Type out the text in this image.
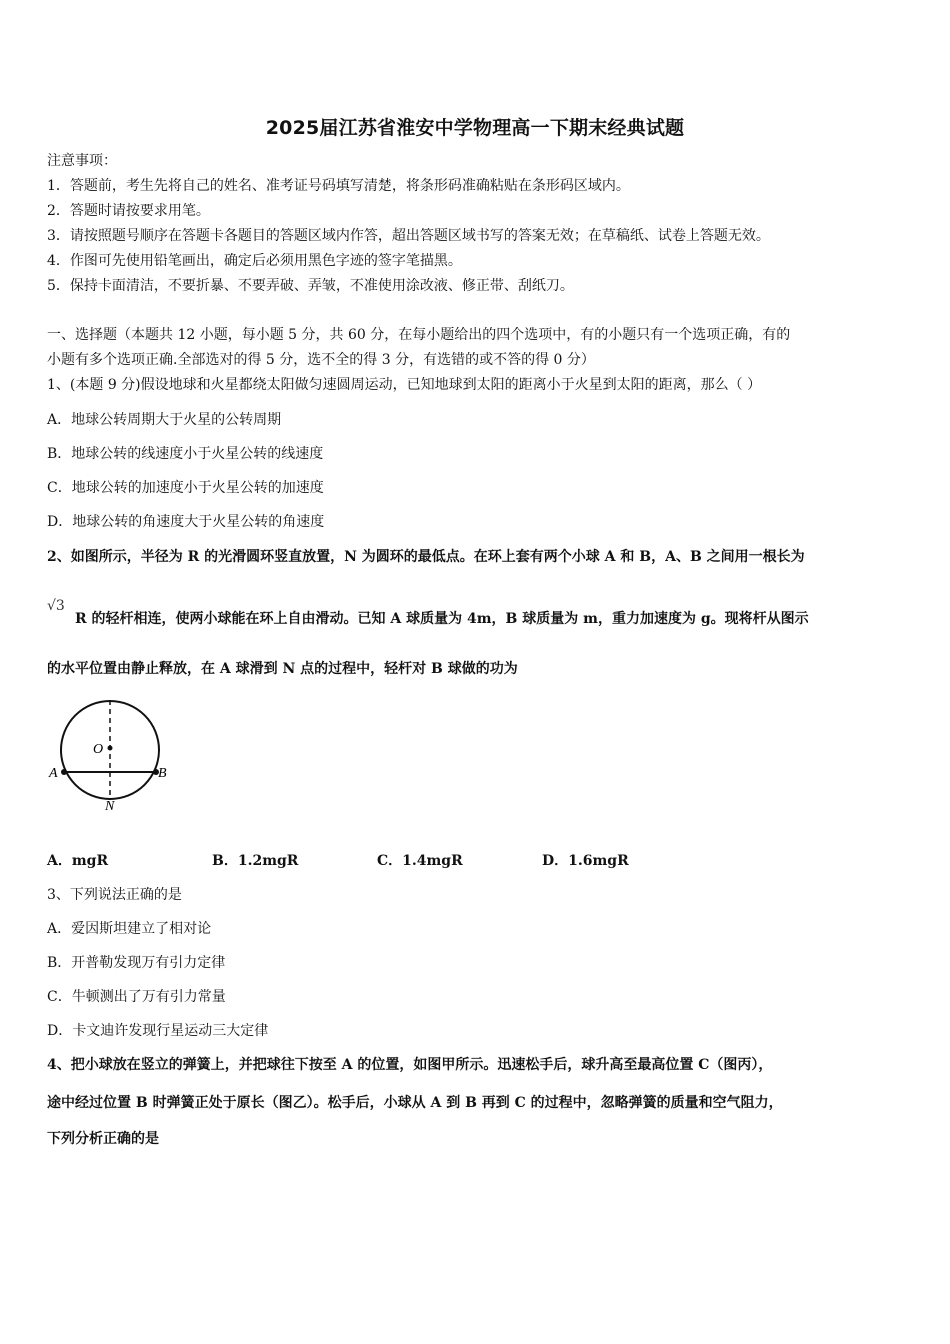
2025届江苏省淮安中学物理高一下期末经典试题
注意事项：
1．答题前，考生先将自己的姓名、准考证号码填写清楚，将条形码准确粘贴在条形码区域内。
2．答题时请按要求用笔。
3．请按照题号顺序在答题卡各题目的答题区域内作答，超出答题区域书写的答案无效；在草稿纸、试卷上答题无效。
4．作图可先使用铅笔画出，确定后必须用黑色字迹的签字笔描黑。
5．保持卡面清洁，不要折暴、不要弄破、弄皱，不准使用涂改液、修正带、刮纸刀。
一、选择题（本题共 12 小题，每小题 5 分，共 60 分，在每小题给出的四个选项中，有的小题只有一个选项正确，有的
小题有多个选项正确.全部选对的得 5 分，选不全的得 3 分，有选错的或不答的得 0 分）
1、(本题 9 分)假设地球和火星都绕太阳做匀速圆周运动，已知地球到太阳的距离小于火星到太阳的距离，那么（ ）
A．地球公转周期大于火星的公转周期
B．地球公转的线速度小于火星公转的线速度
C．地球公转的加速度小于火星公转的加速度
D．地球公转的角速度大于火星公转的角速度
2、如图所示，半径为 R 的光滑圆环竖直放置，N 为圆环的最低点。在环上套有两个小球 A 和 B，A、B 之间用一根长为
√3
R 的轻杆相连，使两小球能在环上自由滑动。已知 A 球质量为 4m，B 球质量为 m，重力加速度为 g。现将杆从图示
的水平位置由静止释放，在 A 球滑到 N 点的过程中，轻杆对 B 球做的功为
O
A	B
N
A．mgR	B．1.2mgR	C．1.4mgR	D．1.6mgR
3、下列说法正确的是
A．爱因斯坦建立了相对论
B．开普勒发现万有引力定律
C．牛顿测出了万有引力常量
D．卡文迪许发现行星运动三大定律
4、把小球放在竖立的弹簧上，并把球往下按至 A 的位置，如图甲所示。迅速松手后，球升高至最高位置 C（图丙），
途中经过位置 B 时弹簧正处于原长（图乙）。松手后，小球从 A 到 B 再到 C 的过程中，忽略弹簧的质量和空气阻力，
下列分析正确的是
